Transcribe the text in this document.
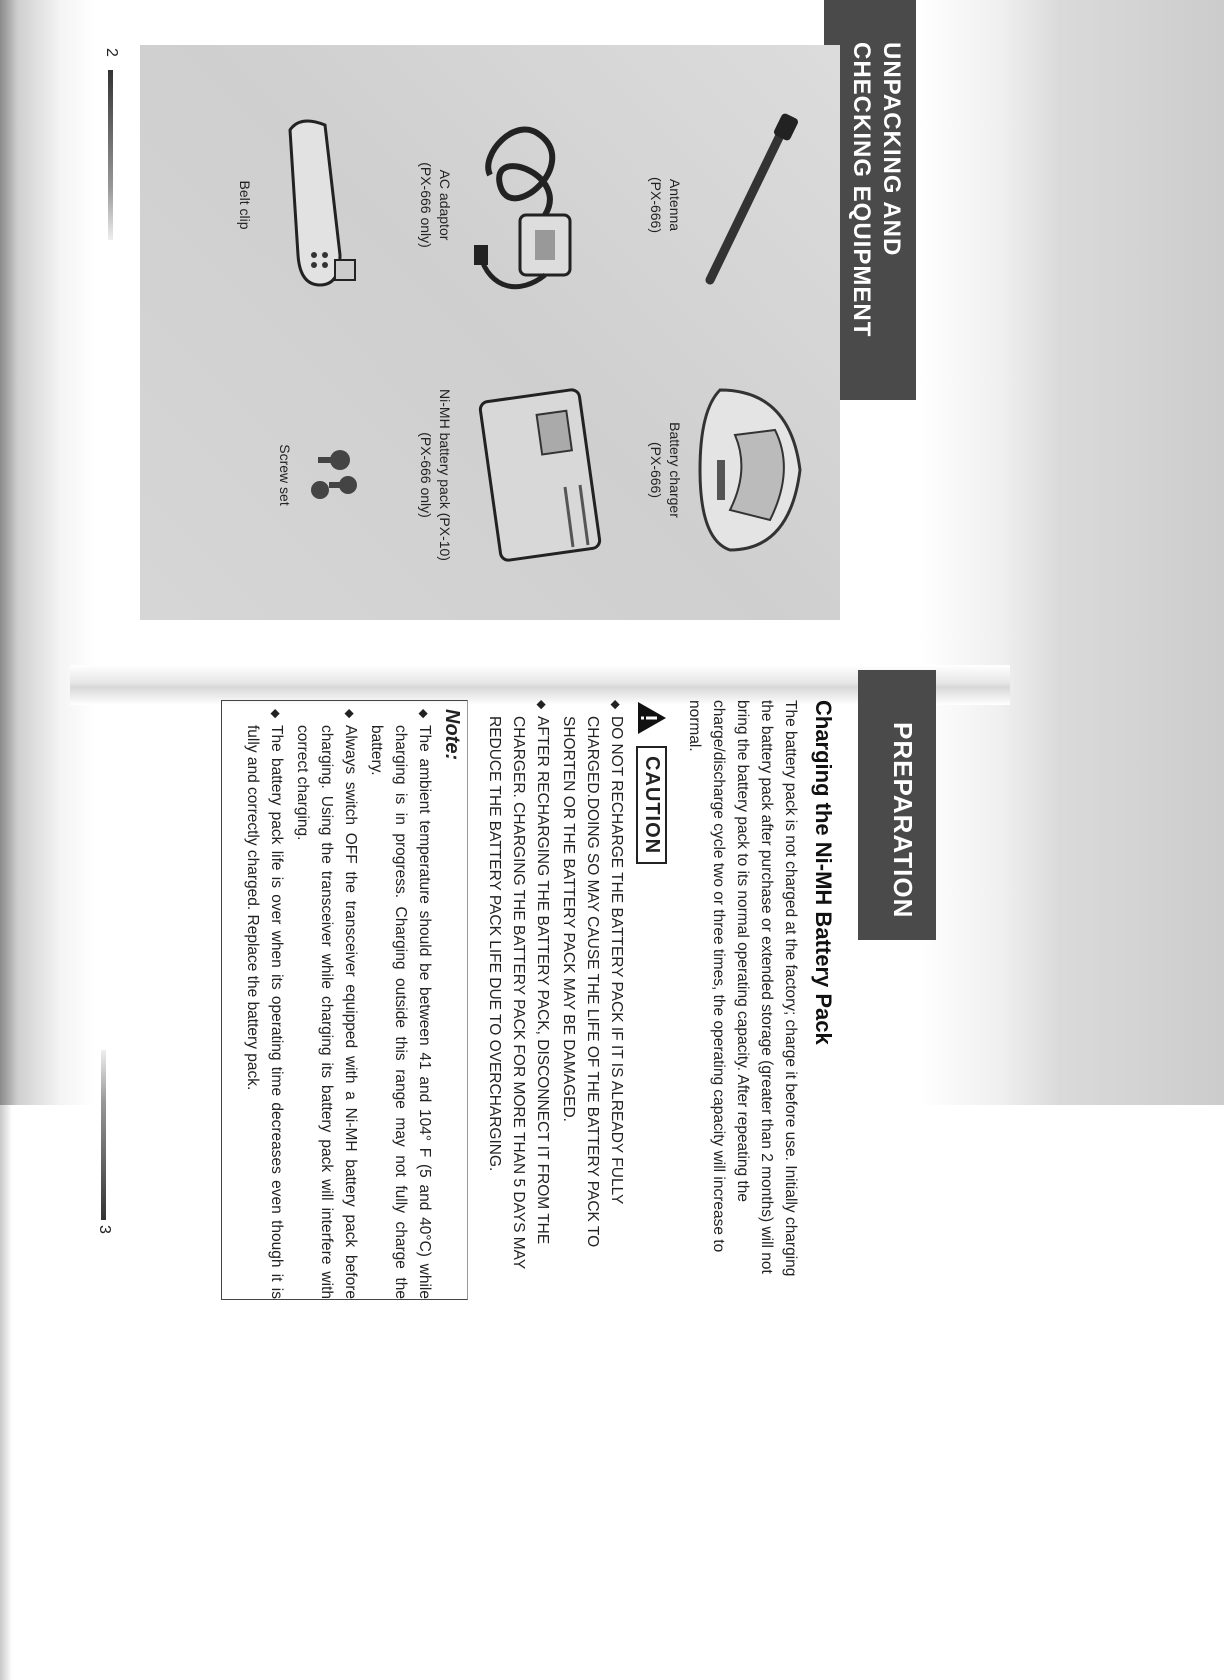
UNPACKING AND
CHECKING EQUIPMENT
Antenna
(PX-666)
Battery charger
(PX-666)
AC adaptor
(PX-666 only)
Ni-MH battery pack (PX-10)
(PX-666 only)
Belt clip
Screw set
2
PREPARATION
Charging the Ni-MH Battery Pack

The battery pack is not charged at the factory; charge it before use. Initially charging the battery pack after purchase or extended storage (greater than 2 months) will not bring the battery pack to its normal operating capacity. After repeating the charge/discharge cycle two or three times, the operating capacity will increase to normal.

CAUTION
◆ DO NOT RECHARGE THE BATTERY PACK IF IT IS ALREADY FULLY CHARGED.DOING SO MAY CAUSE THE LIFE OF THE BATTERY PACK TO SHORTEN OR THE BATTERY PACK MAY BE DAMAGED.
◆ AFTER RECHARGING THE BATTERY PACK, DISCONNECT IT FROM THE CHARGER. CHARGING THE BATTERY PACK FOR MORE THAN 5 DAYS MAY REDUCE THE BATTERY PACK LIFE DUE TO OVERCHARGING.
Note:
◆ The ambient temperature should be between 41 and 104° F (5 and 40°C) while charging is in progress. Charging outside this range may not fully charge the battery.
◆ Always switch OFF the transceiver equipped with a Ni-MH battery pack before charging. Using the transceiver while charging its battery pack will interfere with correct charging.
◆ The battery pack life is over when its operating time decreases even though it is fully and correctly charged. Replace the battery pack.
3
